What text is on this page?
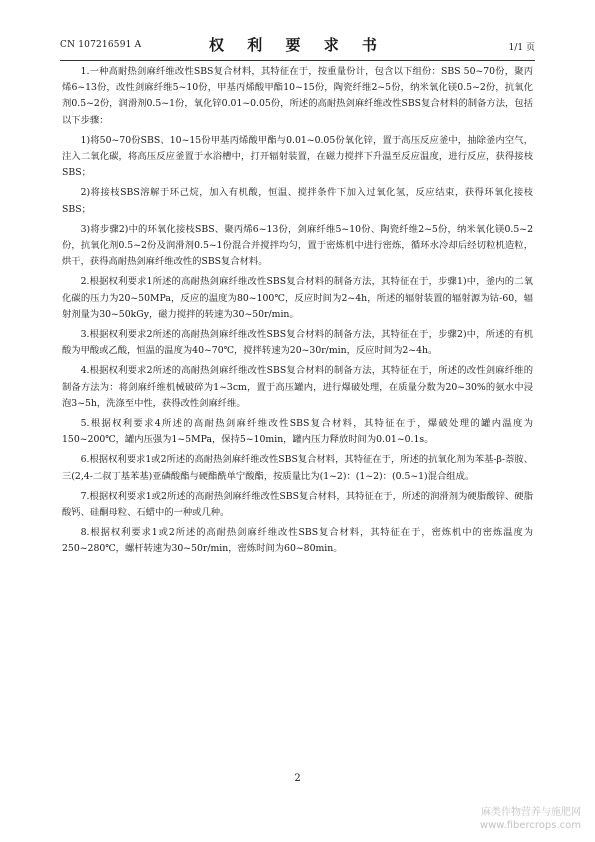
CN 107216591 A	权 利 要 求 书	1/1 页

1.一种高耐热剑麻纤维改性SBS复合材料，其特征在于，按重量份计，包含以下组份：SBS 50~70份，聚丙烯6~13份，改性剑麻纤维5~10份，甲基丙烯酸甲酯10~15份，陶瓷纤维2~5份，纳米氧化镁0.5~2份，抗氧化剂0.5~2份，润滑剂0.5~1份，氧化锌0.01~0.05份，所述的高耐热剑麻纤维改性SBS复合材料的制备方法，包括以下步骤：

1)将50~70份SBS、10~15份甲基丙烯酸甲酯与0.01~0.05份氧化锌，置于高压反应釜中，抽除釜内空气，注入二氧化碳，将高压反应釜置于水浴槽中，打开辐射装置，在磁力搅拌下升温至反应温度，进行反应，获得接枝SBS；

2)将接枝SBS溶解于环己烷，加入有机酸，恒温、搅拌条件下加入过氧化氢，反应结束，获得环氧化接枝SBS；

3)将步骤2)中的环氧化接枝SBS、聚丙烯6~13份，剑麻纤维5~10份、陶瓷纤维2~5份，纳米氧化镁0.5~2份，抗氧化剂0.5~2份及润滑剂0.5~1份混合并搅拌均匀，置于密炼机中进行密炼，循环水冷却后经切粒机造粒，烘干，获得高耐热剑麻纤维改性的SBS复合材料。

2.根据权利要求1所述的高耐热剑麻纤维改性SBS复合材料的制备方法，其特征在于，步骤1)中，釜内的二氧化碳的压力为20~50MPa，反应的温度为80~100℃，反应时间为2~4h，所述的辐射装置的辐射源为钴-60，辐射剂量为30~50kGy，磁力搅拌的转速为30~50r/min。

3.根据权利要求2所述的高耐热剑麻纤维改性SBS复合材料的制备方法，其特征在于，步骤2)中，所述的有机酸为甲酸或乙酸，恒温的温度为40~70℃，搅拌转速为20~30r/min，反应时间为2~4h。

4.根据权利要求2所述的高耐热剑麻纤维改性SBS复合材料的制备方法，其特征在于，所述的改性剑麻纤维的制备方法为：将剑麻纤维机械破碎为1~3cm，置于高压罐内，进行爆破处理，在质量分数为20~30%的氨水中浸泡3~5h，洗涤至中性，获得改性剑麻纤维。

5.根据权利要求4所述的高耐热剑麻纤维改性SBS复合材料，其特征在于，爆破处理的罐内温度为150~200℃，罐内压强为1~5MPa，保持5~10min，罐内压力释放时间为0.01~0.1s。

6.根据权利要求1或2所述的高耐热剑麻纤维改性SBS复合材料，其特征在于，所述的抗氧化剂为苯基-β-萘胺、三(2,4-二叔丁基苯基)亚磷酸酯与硬酯酰单宁酸酯，按质量比为(1~2)：(1~2)：(0.5~1)混合组成。

7.根据权利要求1或2所述的高耐热剑麻纤维改性SBS复合材料，其特征在于，所述的润滑剂为硬脂酸锌、硬脂酸钙、硅酮母粒、石蜡中的一种或几种。

8.根据权利要求1或2所述的高耐热剑麻纤维改性SBS复合材料，其特征在于，密炼机中的密炼温度为250~280℃，螺杆转速为30~50r/min，密炼时间为60~80min。

2
麻类作物营养与施肥网
www.fibercrops.com
